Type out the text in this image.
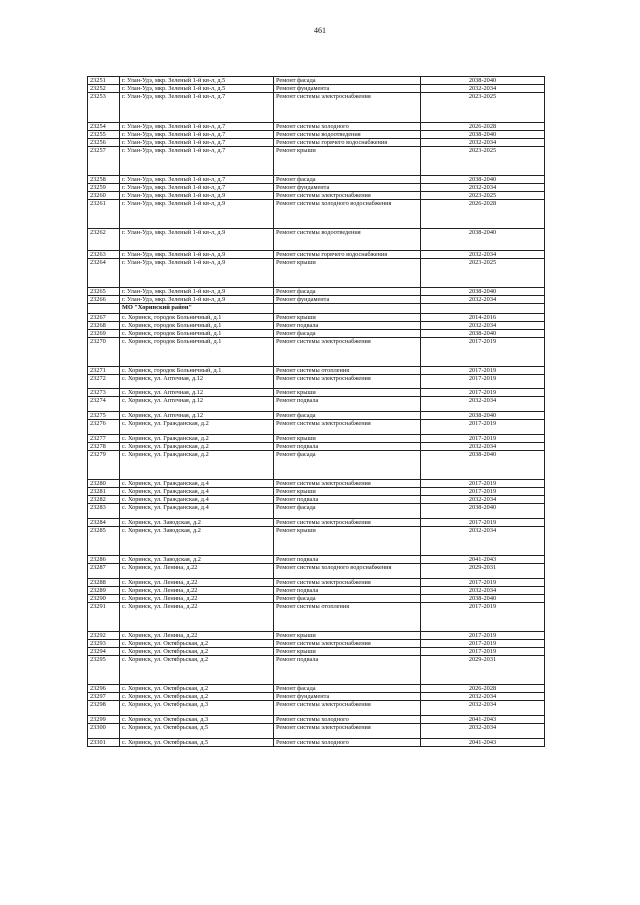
461
23251	г. Улан-Удэ, мкр. Зеленый 1-й кв-л, д.5	Ремонт фасада	2038-2040
23252	г. Улан-Удэ, мкр. Зеленый 1-й кв-л, д.5	Ремонт фундамента	2032-2034
23253	г. Улан-Удэ, мкр. Зеленый 1-й кв-л, д.7	Ремонт системы электроснабжения	2023-2025
23254	г. Улан-Удэ, мкр. Зеленый 1-й кв-л, д.7	Ремонт системы холодного	2026-2028
23255	г. Улан-Удэ, мкр. Зеленый 1-й кв-л, д.7	Ремонт системы водоотведения	2038-2040
23256	г. Улан-Удэ, мкр. Зеленый 1-й кв-л, д.7	Ремонт системы горячего водоснабжения	2032-2034
23257	г. Улан-Удэ, мкр. Зеленый 1-й кв-л, д.7	Ремонт крыши	2023-2025
23258	г. Улан-Удэ, мкр. Зеленый 1-й кв-л, д.7	Ремонт фасада	2038-2040
23259	г. Улан-Удэ, мкр. Зеленый 1-й кв-л, д.7	Ремонт фундамента	2032-2034
23260	г. Улан-Удэ, мкр. Зеленый 1-й кв-л, д.9	Ремонт системы электроснабжения	2023-2025
23261	г. Улан-Удэ, мкр. Зеленый 1-й кв-л, д.9	Ремонт системы холодного водоснабжения	2026-2028
23262	г. Улан-Удэ, мкр. Зеленый 1-й кв-л, д.9	Ремонт системы водоотведения	2038-2040
23263	г. Улан-Удэ, мкр. Зеленый 1-й кв-л, д.9	Ремонт системы горячего водоснабжения	2032-2034
23264	г. Улан-Удэ, мкр. Зеленый 1-й кв-л, д.9	Ремонт крыши	2023-2025
23265	г. Улан-Удэ, мкр. Зеленый 1-й кв-л, д.9	Ремонт фасада	2038-2040
23266	г. Улан-Удэ, мкр. Зеленый 1-й кв-л, д.9	Ремонт фундамента	2032-2034
	МО "Хоринский район"		
23267	с. Хоринск, городок Больничный, д.1	Ремонт крыши	2014-2016
23268	с. Хоринск, городок Больничный, д.1	Ремонт подвала	2032-2034
23269	с. Хоринск, городок Больничный, д.1	Ремонт фасада	2038-2040
23270	с. Хоринск, городок Больничный, д.1	Ремонт системы электроснабжения	2017-2019
23271	с. Хоринск, городок Больничный, д.1	Ремонт системы отопления	2017-2019
23272	с. Хоринск, ул. Аптечная, д.12	Ремонт системы электроснабжения	2017-2019
23273	с. Хоринск, ул. Аптечная, д.12	Ремонт крыши	2017-2019
23274	с. Хоринск, ул. Аптечная, д.12	Ремонт подвала	2032-2034
23275	с. Хоринск, ул. Аптечная, д.12	Ремонт фасада	2038-2040
23276	с. Хоринск, ул. Гражданская, д.2	Ремонт системы электроснабжения	2017-2019
23277	с. Хоринск, ул. Гражданская, д.2	Ремонт крыши	2017-2019
23278	с. Хоринск, ул. Гражданская, д.2	Ремонт подвала	2032-2034
23279	с. Хоринск, ул. Гражданская, д.2	Ремонт фасада	2038-2040
23280	с. Хоринск, ул. Гражданская, д.4	Ремонт системы электроснабжения	2017-2019
23281	с. Хоринск, ул. Гражданская, д.4	Ремонт крыши	2017-2019
23282	с. Хоринск, ул. Гражданская, д.4	Ремонт подвала	2032-2034
23283	с. Хоринск, ул. Гражданская, д.4	Ремонт фасада	2038-2040
23284	с. Хоринск, ул. Заводская, д.2	Ремонт системы электроснабжения	2017-2019
23285	с. Хоринск, ул. Заводская, д.2	Ремонт крыши	2032-2034
23286	с. Хоринск, ул. Заводская, д.2	Ремонт подвала	2041-2043
23287	с. Хоринск, ул. Ленина, д.22	Ремонт системы холодного водоснабжения	2029-2031
23288	с. Хоринск, ул. Ленина, д.22	Ремонт системы электроснабжения	2017-2019
23289	с. Хоринск, ул. Ленина, д.22	Ремонт подвала	2032-2034
23290	с. Хоринск, ул. Ленина, д.22	Ремонт фасада	2038-2040
23291	с. Хоринск, ул. Ленина, д.22	Ремонт системы отопления	2017-2019
23292	с. Хоринск, ул. Ленина, д.22	Ремонт крыши	2017-2019
23293	с. Хоринск, ул. Октябрьская, д.2	Ремонт системы электроснабжения	2017-2019
23294	с. Хоринск, ул. Октябрьская, д.2	Ремонт крыши	2017-2019
23295	с. Хоринск, ул. Октябрьская, д.2	Ремонт подвала	2029-2031
23296	с. Хоринск, ул. Октябрьская, д.2	Ремонт фасада	2026-2028
23297	с. Хоринск, ул. Октябрьская, д.2	Ремонт фундамента	2032-2034
23298	с. Хоринск, ул. Октябрьская, д.3	Ремонт системы электроснабжения	2032-2034
23299	с. Хоринск, ул. Октябрьская, д.3	Ремонт системы холодного	2041-2043
23300	с. Хоринск, ул. Октябрьская, д.5	Ремонт системы электроснабжения	2032-2034
23301	с. Хоринск, ул. Октябрьская, д.5	Ремонт системы холодного	2041-2043
